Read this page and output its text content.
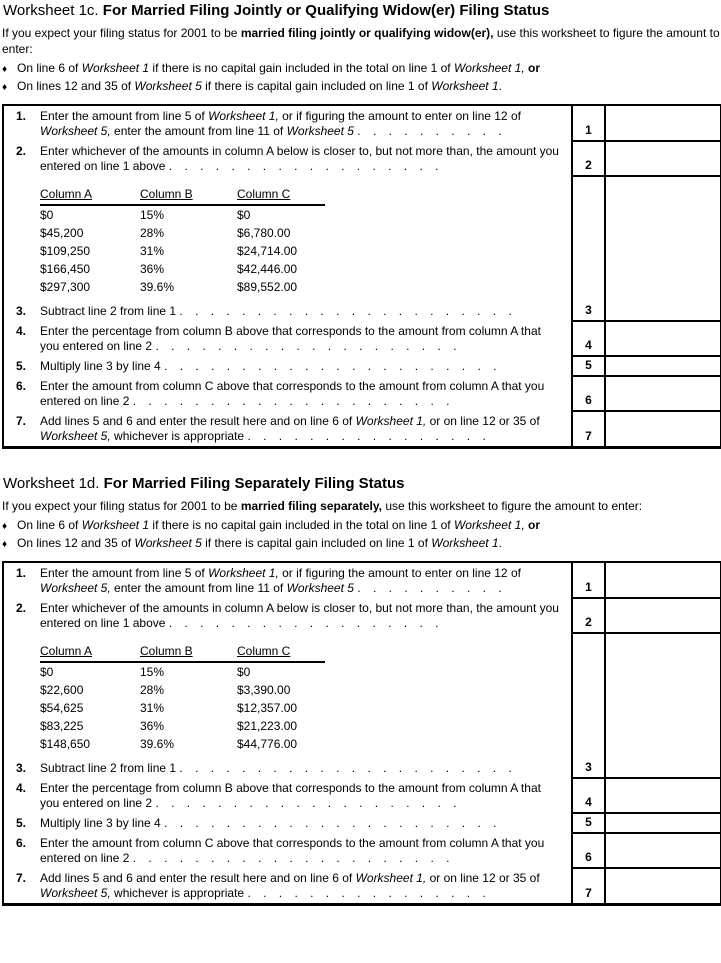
Worksheet 1c. For Married Filing Jointly or Qualifying Widow(er) Filing Status

If you expect your filing status for 2001 to be married filing jointly or qualifying widow(er), use this worksheet to figure the amount to enter:

♦ On line 6 of Worksheet 1 if there is no capital gain included in the total on line 1 of Worksheet 1, or
♦ On lines 12 and 35 of Worksheet 5 if there is capital gain included on line 1 of Worksheet 1.
1.	Enter the amount from line 5 of Worksheet 1, or if figuring the amount to enter on line 12 of Worksheet 5, enter the amount from line 11 of Worksheet 5 . . . . . . . . . .	1	

2.	Enter whichever of the amounts in column A below is closer to, but not more than, the amount you entered on line 1 above . . . . . . . . . . . . . . . . . .	2	

Column A	Column B	Column C
$0	15%	$0
$45,200	28%	$6,780.00
$109,250	31%	$24,714.00
$166,450	36%	$42,446.00
$297,300	39.6%	$89,552.00
3.	Subtract line 2 from line 1 . . . . . . . . . . . . . . . . . . . . . .	3	

4.	Enter the percentage from column B above that corresponds to the amount from column A that you entered on line 2 . . . . . . . . . . . . . . . . . . . .	4	

5.	Multiply line 3 by line 4 . . . . . . . . . . . . . . . . . . . . . .	5	

6.	Enter the amount from column C above that corresponds to the amount from column A that you entered on line 2 . . . . . . . . . . . . . . . . . . . . .	6	

7.	Add lines 5 and 6 and enter the result here and on line 6 of Worksheet 1, or on line 12 or 35 of Worksheet 5, whichever is appropriate . . . . . . . . . . . . . . . .	7	
Worksheet 1d. For Married Filing Separately Filing Status

If you expect your filing status for 2001 to be married filing separately, use this worksheet to figure the amount to enter:

♦ On line 6 of Worksheet 1 if there is no capital gain included in the total on line 1 of Worksheet 1, or
♦ On lines 12 and 35 of Worksheet 5 if there is capital gain included on line 1 of Worksheet 1.
1.	Enter the amount from line 5 of Worksheet 1, or if figuring the amount to enter on line 12 of Worksheet 5, enter the amount from line 11 of Worksheet 5 . . . . . . . . . .	1	

2.	Enter whichever of the amounts in column A below is closer to, but not more than, the amount you entered on line 1 above . . . . . . . . . . . . . . . . . .	2	

Column A	Column B	Column C
$0	15%	$0
$22,600	28%	$3,390.00
$54,625	31%	$12,357.00
$83,225	36%	$21,223.00
$148,650	39.6%	$44,776.00
3.	Subtract line 2 from line 1 . . . . . . . . . . . . . . . . . . . . . .	3	

4.	Enter the percentage from column B above that corresponds to the amount from column A that you entered on line 2 . . . . . . . . . . . . . . . . . . . .	4	

5.	Multiply line 3 by line 4 . . . . . . . . . . . . . . . . . . . . . .	5	

6.	Enter the amount from column C above that corresponds to the amount from column A that you entered on line 2 . . . . . . . . . . . . . . . . . . . . .	6	

7.	Add lines 5 and 6 and enter the result here and on line 6 of Worksheet 1, or on line 12 or 35 of Worksheet 5, whichever is appropriate . . . . . . . . . . . . . . . .	7	
